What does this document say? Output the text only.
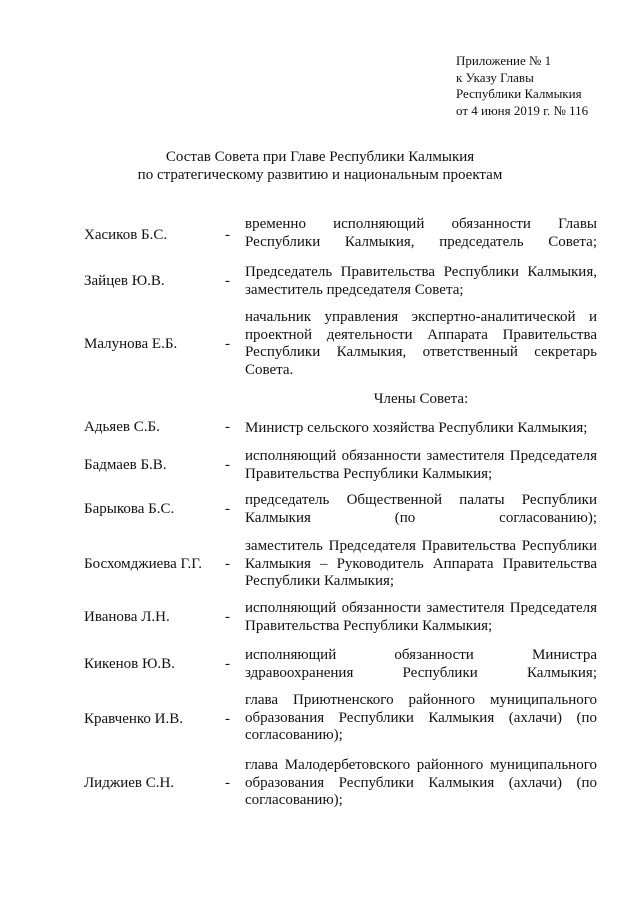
Приложение № 1
к Указу Главы
Республики Калмыкия
от 4 июня 2019 г. № 116
Состав Совета при Главе Республики Калмыкия
по стратегическому развитию и национальным проектам
Хасиков Б.С.	-
временно исполняющий обязанности Главы Республики Калмыкия, председатель Совета;
Зайцев Ю.В.	-
Председатель Правительства Республики Калмыкия, заместитель председателя Совета;
Малунова Е.Б.	-
начальник управления экспертно-аналитической и проектной деятельности Аппарата Правительства Республики Калмыкия, ответственный секретарь Совета.
Члены Совета:
Адьяев С.Б.	- Министр сельского хозяйства Республики Калмыкия;
Бадмаев Б.В.	-
исполняющий обязанности заместителя Председателя Правительства Республики Калмыкия;
Барыкова Б.С.	-
председатель Общественной палаты Республики Калмыкия (по согласованию);
Босхомджиева Г.Г. -
заместитель Председателя Правительства Республики Калмыкия – Руководитель Аппарата Правительства Республики Калмыкия;
Иванова Л.Н.	-
исполняющий обязанности заместителя Председателя Правительства Республики Калмыкия;
Кикенов Ю.В.	-
исполняющий обязанности Министра здравоохранения Республики Калмыкия;
Кравченко И.В.	-
глава Приютненского районного муниципального образования Республики Калмыкия (ахлачи) (по согласованию);
Лиджиев С.Н.	-
глава Малодербетовского районного муниципального образования Республики Калмыкия (ахлачи) (по согласованию);
